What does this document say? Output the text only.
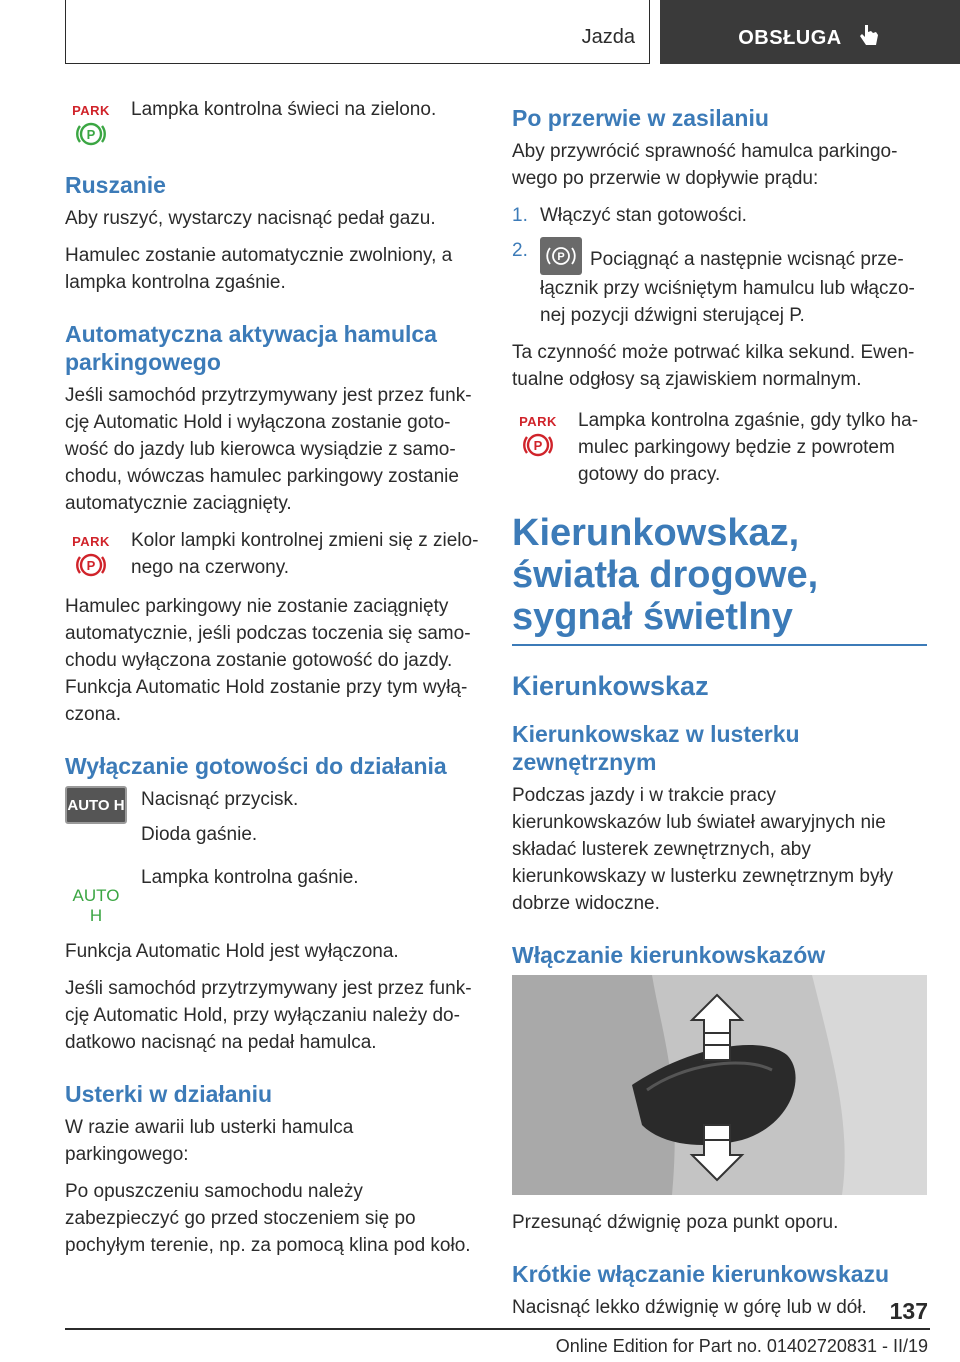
Jazda	OBSŁUGA
PARK
P
Lampka kontrolna świeci na zielono.
Ruszanie

Aby ruszyć, wystarczy nacisnąć pedał gazu.

Hamulec zostanie automatycznie zwolniony, a lampka kontrolna zgaśnie.

Automatyczna aktywacja hamulca parkingowego

Jeśli samochód przytrzymywany jest przez funkcję Automatic Hold i wyłączona zostanie gotowość do jazdy lub kierowca wysiądzie z samochodu, wówczas hamulec parkingowy zostanie automatycznie zaciągnięty.

PARK
P
Kolor lampki kontrolnej zmieni się z zielonego na czerwony.

Hamulec parkingowy nie zostanie zaciągnięty automatycznie, jeśli podczas toczenia się samochodu wyłączona zostanie gotowość do jazdy. Funkcja Automatic Hold zostanie przy tym wyłączona.

Wyłączanie gotowości do działania
AUTO H Nacisnąć przycisk.
Dioda gaśnie.
AUTO H
Lampka kontrolna gaśnie.

Funkcja Automatic Hold jest wyłączona.

Jeśli samochód przytrzymywany jest przez funkcję Automatic Hold, przy wyłączaniu należy dodatkowo nacisnąć na pedał hamulca.

Usterki w działaniu

W razie awarii lub usterki hamulca parkingowego:

Po opuszczeniu samochodu należy zabezpieczyć go przed stoczeniem się po pochyłym terenie, np. za pomocą klina pod koło.

Po przerwie w zasilaniu

Aby przywrócić sprawność hamulca parkingowego po przerwie w dopływie prądu:

1. Włączyć stan gotowości.
2.	P Pociągnąć a następnie wcisnąć przełącznik przy wciśniętym hamulcu lub włączonej pozycji dźwigni sterującej P.

Ta czynność może potrwać kilka sekund. Ewentualne odgłosy są zjawiskiem normalnym.

PARK
P
Lampka kontrolna zgaśnie, gdy tylko hamulec parkingowy będzie z powrotem gotowy do pracy.
Kierunkowskaz, światła drogowe, sygnał świetlny
Kierunkowskaz
Kierunkowskaz w lusterku zewnętrznym

Podczas jazdy i w trakcie pracy kierunkowskazów lub świateł awaryjnych nie składać lusterek zewnętrznych, aby kierunkowskazy w lusterku zewnętrznym były dobrze widoczne.

Włączanie kierunkowskazów

Przesunąć dźwignię poza punkt oporu.

Krótkie włączanie kierunkowskazu

Nacisnąć lekko dźwignię w górę lub w dół. 137
Online Edition for Part no. 01402720831 - II/19
